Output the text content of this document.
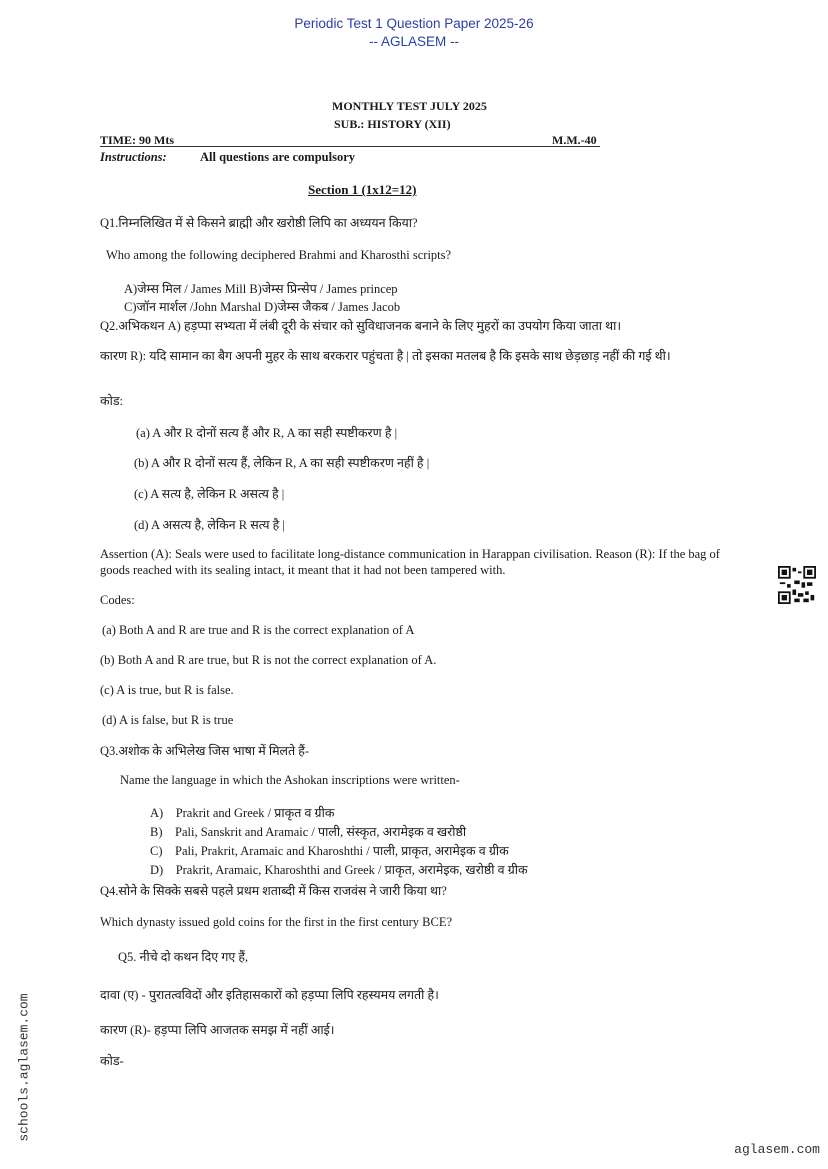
Periodic Test 1 Question Paper 2025-26
-- AGLASEM --
MONTHLY TEST JULY 2025
SUB.: HISTORY (XII)
TIME: 90 Mts	M.M.-40
Instructions:	All questions are compulsory
Section 1 (1x12=12)
Q1.निम्नलिखित में से किसने ब्राह्मी और खरोष्ठी लिपि का अध्ययन किया?
Who among the following deciphered Brahmi and Kharosthi scripts?
A)जेम्स मिल / James Mill B)जेम्स प्रिन्सेप / James princep
C)जॉन मार्शल /John Marshal D)जेम्स जैकब / James Jacob
Q2.अभिकथन A) हड़प्पा सभ्यता में लंबी दूरी के संचार को सुविधाजनक बनाने के लिए मुहरों का उपयोग किया जाता था।
कारण R): यदि सामान का बैग अपनी मुहर के साथ बरकरार पहुंचता है | तो इसका मतलब है कि इसके साथ छेड़छाड़ नहीं की गई थी।
कोड:
(a) A और R दोनों सत्य हैं और R, A का सही स्पष्टीकरण है |
(b) A और R दोनों सत्य हैं, लेकिन R, A का सही स्पष्टीकरण नहीं है |
(c) A सत्य है, लेकिन R असत्य है |
(d) A असत्य है, लेकिन R सत्य है |
Assertion (A): Seals were used to facilitate long-distance communication in Harappan civilisation. Reason (R): If the bag of goods reached with its sealing intact, it meant that it had not been tampered with.
Codes:
(a) Both A and R are true and R is the correct explanation of A
(b) Both A and R are true, but R is not the correct explanation of A.
(c) A is true, but R is false.
(d) A is false, but R is true
Q3.अशोक के अभिलेख जिस भाषा में मिलते हैं-
Name the language in which the Ashokan inscriptions were written-
A)    Prakrit and Greek / प्राकृत व ग्रीक
B)    Pali, Sanskrit and Aramaic / पाली, संस्कृत, अरामेइक व खरोष्ठी
C)    Pali, Prakrit, Aramaic and Kharoshthi / पाली, प्राकृत, अरामेइक व ग्रीक
D)    Prakrit, Aramaic, Kharoshthi and Greek / प्राकृत, अरामेइक, खरोष्ठी व ग्रीक
Q4.सोने के सिक्के सबसे पहले प्रथम शताब्दी में किस राजवंस ने जारी किया था?
Which dynasty issued gold coins for the first in the first century BCE?
Q5. नीचे दो कथन दिए गए हैं,
दावा (ए) - पुरातत्वविदों और इतिहासकारों को हड़प्पा लिपि रहस्यमय लगती है।
कारण (R)- हड़प्पा लिपि आजतक समझ में नहीं आई।
कोड-
schools.aglasem.com
aglasem.com
